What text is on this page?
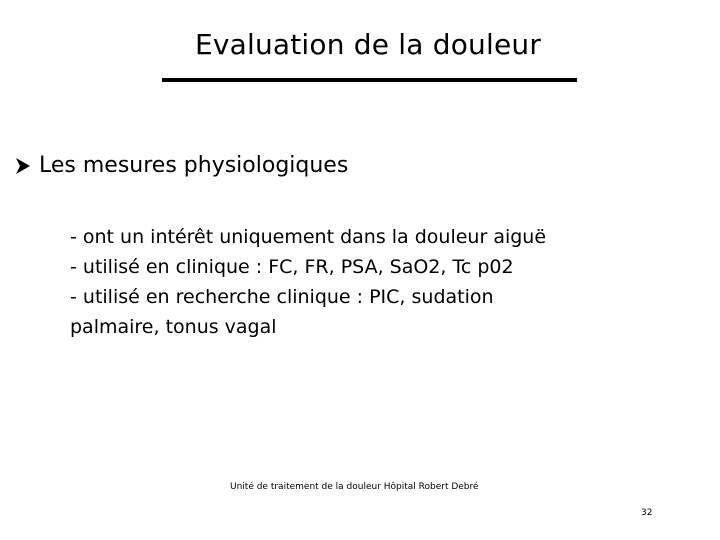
Evaluation de la douleur
Les mesures physiologiques
- ont un intérêt uniquement dans la douleur aiguë
- utilisé en clinique : FC, FR, PSA, SaO2, Tc p02
- utilisé en recherche clinique : PIC, sudation
palmaire, tonus vagal
Unité de traitement de la douleur Hôpital Robert Debré
32
